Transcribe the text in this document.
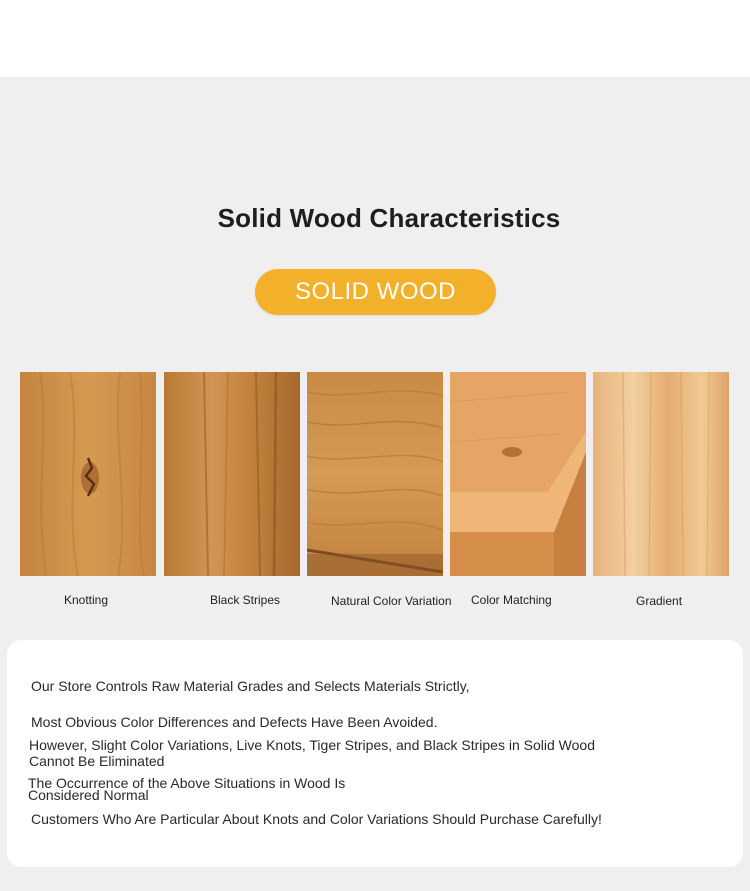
Solid Wood Characteristics
SOLID WOOD
Knotting	Black Stripes	Natural Color Variation Color Matching	Gradient
Our Store Controls Raw Material Grades and Selects Materials Strictly,
Most Obvious Color Differences and Defects Have Been Avoided.
However, Slight Color Variations, Live Knots, Tiger Stripes, and Black Stripes in Solid Wood
Cannot Be Eliminated
The Occurrence of the Above Situations in Wood Is
Considered Normal
Customers Who Are Particular About Knots and Color Variations Should Purchase Carefully!
